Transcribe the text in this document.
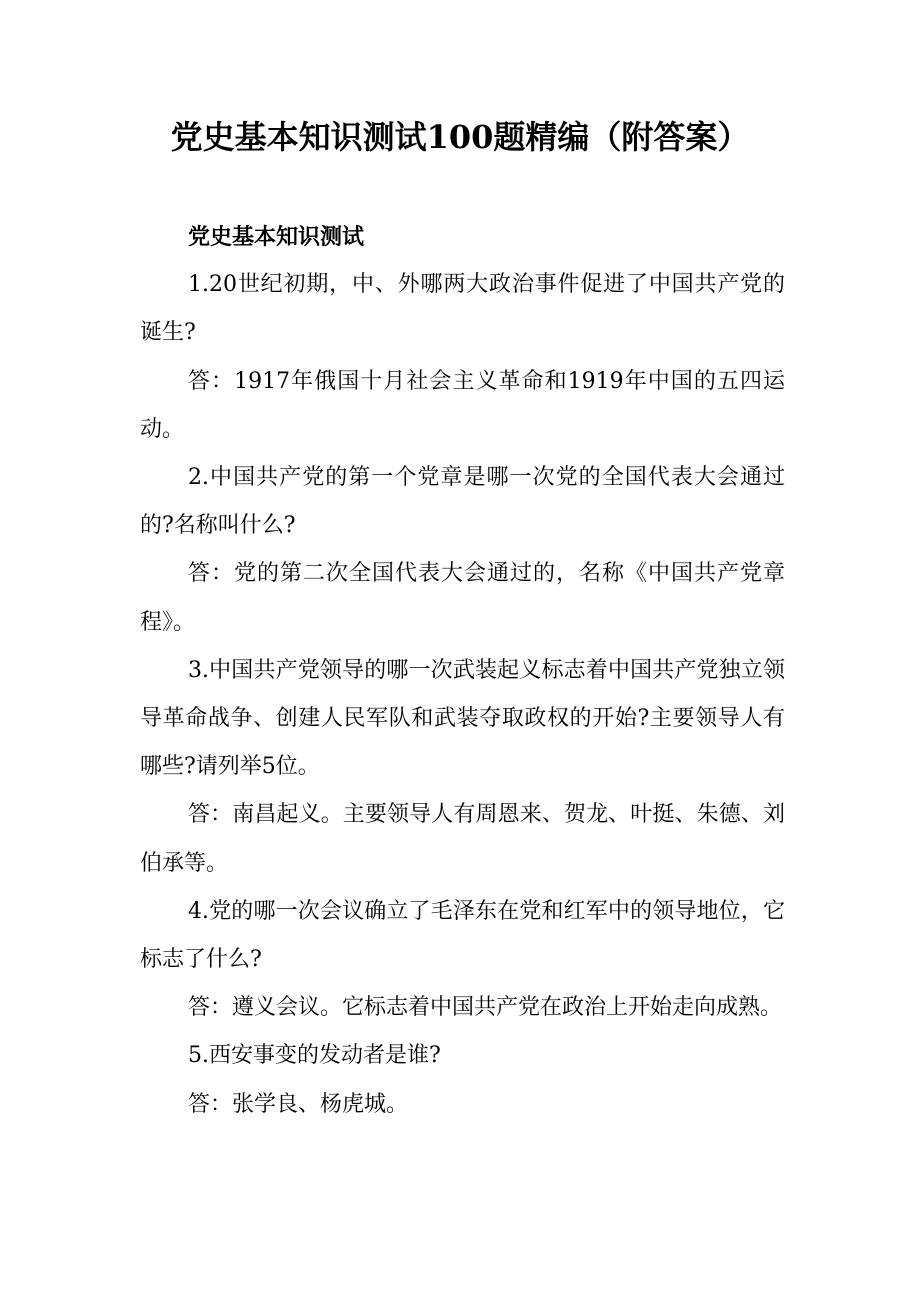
党史基本知识测试100题精编（附答案）

党史基本知识测试

1.20世纪初期，中、外哪两大政治事件促进了中国共产党的诞生?

答：1917年俄国十月社会主义革命和1919年中国的五四运动。

2.中国共产党的第一个党章是哪一次党的全国代表大会通过的?名称叫什么?

答：党的第二次全国代表大会通过的，名称《中国共产党章程》。

3.中国共产党领导的哪一次武装起义标志着中国共产党独立领导革命战争、创建人民军队和武装夺取政权的开始?主要领导人有哪些?请列举5位。

答：南昌起义。主要领导人有周恩来、贺龙、叶挺、朱德、刘伯承等。

4.党的哪一次会议确立了毛泽东在党和红军中的领导地位，它标志了什么?

答：遵义会议。它标志着中国共产党在政治上开始走向成熟。

5.西安事变的发动者是谁?

答：张学良、杨虎城。
